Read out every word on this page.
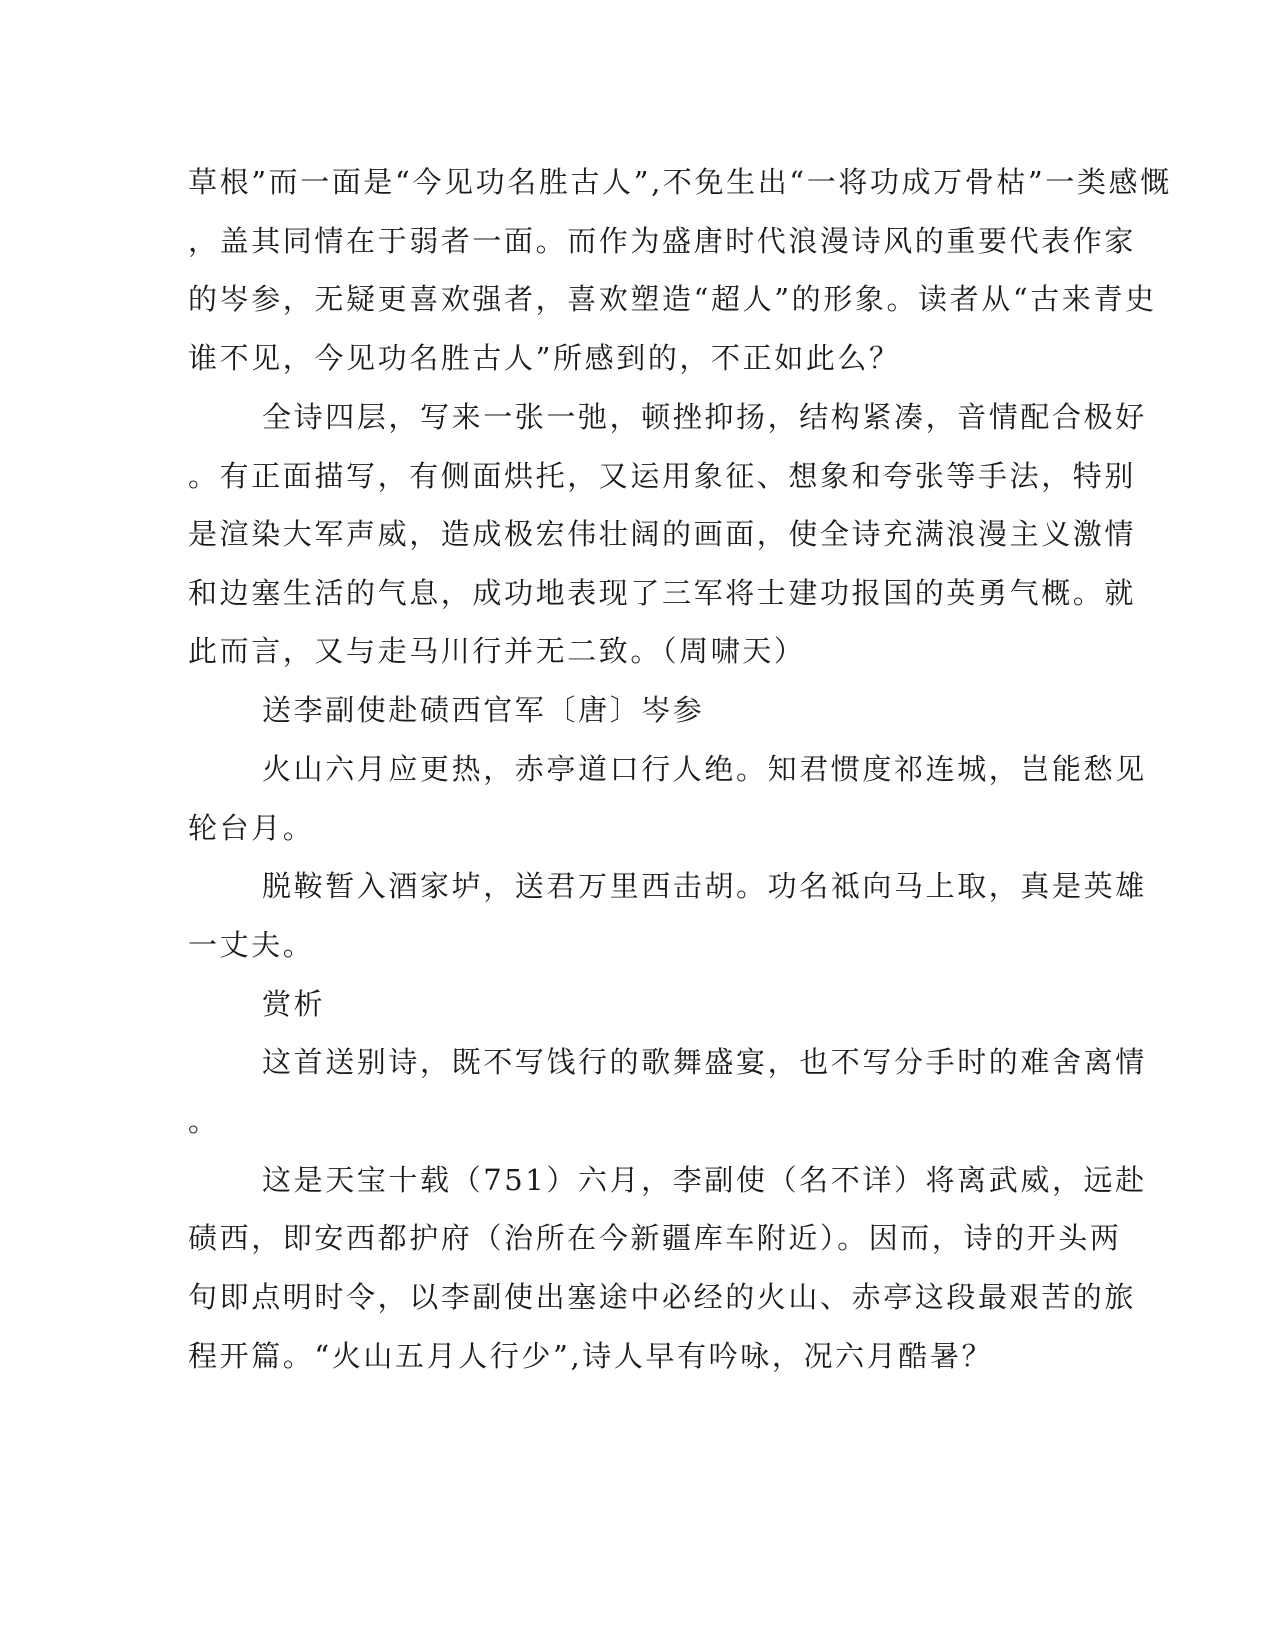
草根”而一面是“今见功名胜古人”,不免生出“一将功成万骨枯”一类感慨
，盖其同情在于弱者一面。而作为盛唐时代浪漫诗风的重要代表作家
的岑参，无疑更喜欢强者，喜欢塑造“超人”的形象。读者从“古来青史
谁不见，今见功名胜古人”所感到的，不正如此么？
全诗四层，写来一张一弛，顿挫抑扬，结构紧凑，音情配合极好
。有正面描写，有侧面烘托，又运用象征、想象和夸张等手法，特别
是渲染大军声威，造成极宏伟壮阔的画面，使全诗充满浪漫主义激情
和边塞生活的气息，成功地表现了三军将士建功报国的英勇气概。就
此而言，又与走马川行并无二致。（周啸天）
送李副使赴碛西官军〔唐〕岑参
火山六月应更热，赤亭道口行人绝。知君惯度祁连城，岂能愁见
轮台月。
脱鞍暂入酒家垆，送君万里西击胡。功名祗向马上取，真是英雄
一丈夫。
赏析
这首送别诗，既不写饯行的歌舞盛宴，也不写分手时的难舍离情
。
这是天宝十载（751）六月，李副使（名不详）将离武威，远赴
碛西，即安西都护府（治所在今新疆库车附近）。因而，诗的开头两
句即点明时令，以李副使出塞途中必经的火山、赤亭这段最艰苦的旅
程开篇。“火山五月人行少”,诗人早有吟咏，况六月酷暑？
